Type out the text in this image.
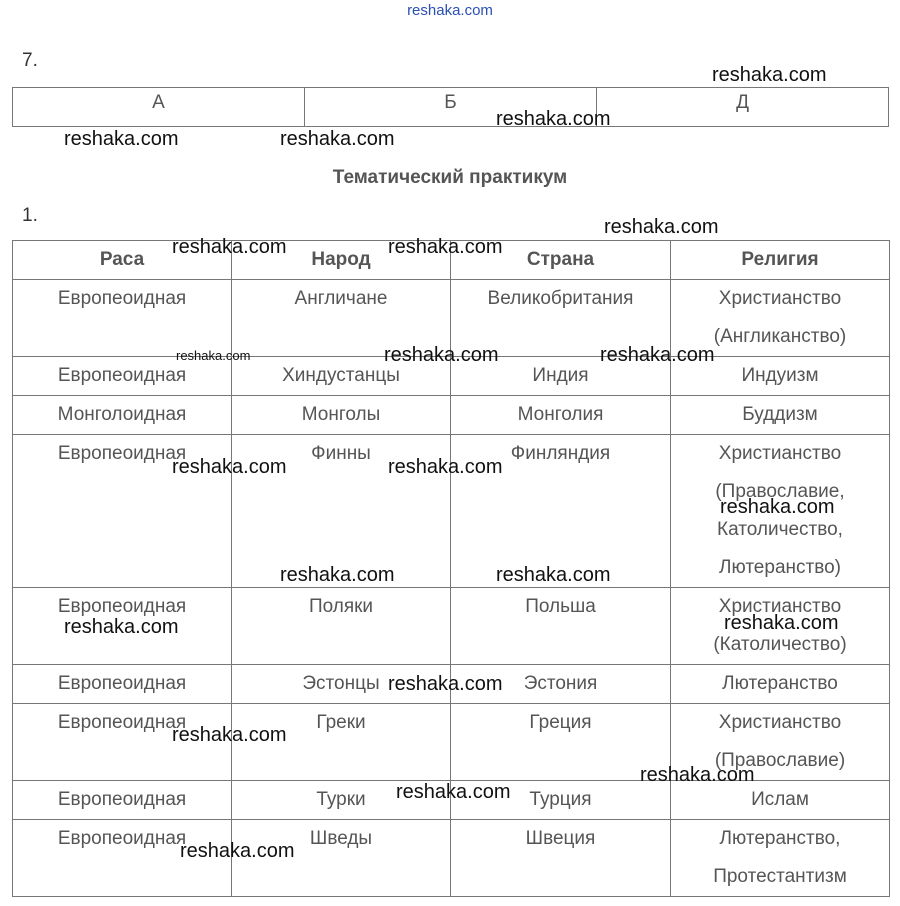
reshaka.com
7.
А	Б	Д
Тематический практикум
1.
Раса	Народ	Страна	Религия

Европеоидная	Англичане	Великобритания	Христианство
(Англиканство)

Европеоидная	Хиндустанцы	Индия	Индуизм

Монголоидная	Монголы	Монголия	Буддизм

Европеоидная	Финны	Финляндия	Христианство
(Православие,
Католичество,
Лютеранство)

Европеоидная	Поляки	Польша	Христианство
(Католичество)

Европеоидная	Эстонцы	Эстония	Лютеранство

Европеоидная	Греки	Греция	Христианство
(Православие)

Европеоидная	Турки	Турция	Ислам

Европеоидная	Шведы	Швеция	Лютеранство,
Протестантизм
reshaka.com
reshaka.com
reshaka.com	reshaka.com
reshaka.com
reshaka.com	reshaka.com
reshaka.com	reshaka.com	reshaka.com
reshaka.com	reshaka.com
reshaka.com
reshaka.com	reshaka.com
reshaka.com	reshaka.com
reshaka.com
reshaka.com
reshaka.com
reshaka.com
reshaka.com
